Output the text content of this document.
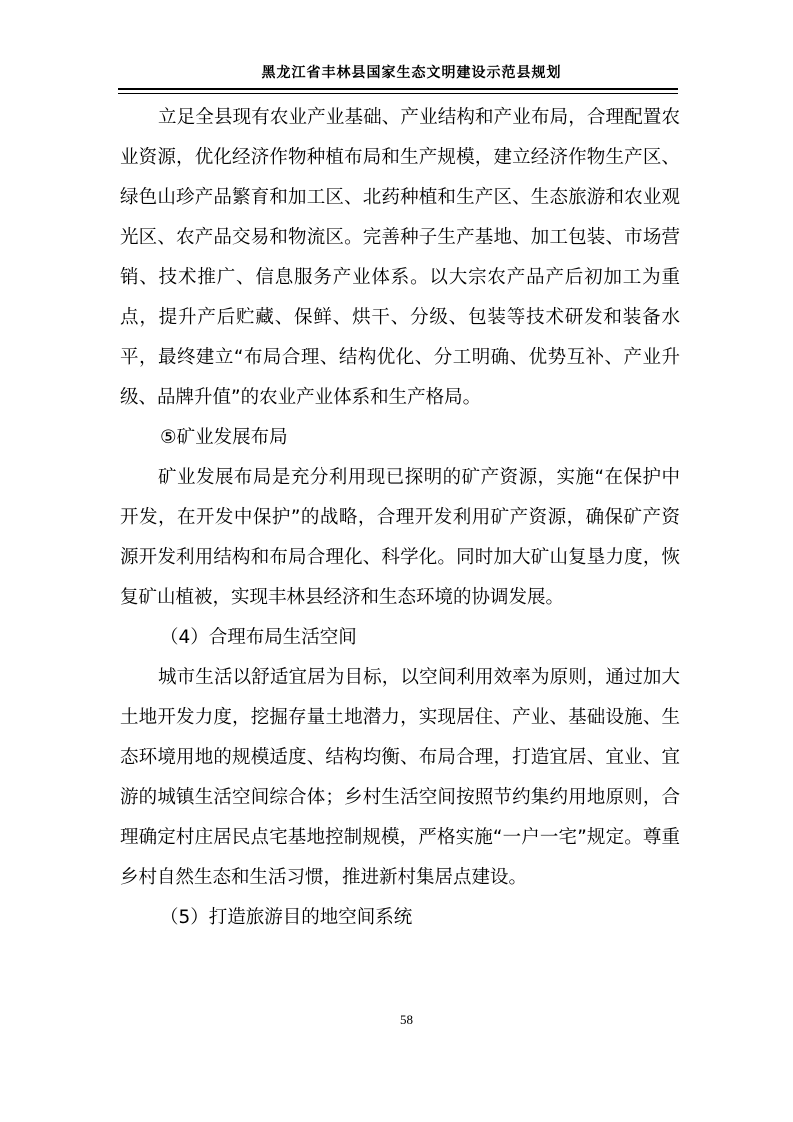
黑龙江省丰林县国家生态文明建设示范县规划

立足全县现有农业产业基础、产业结构和产业布局，合理配置农业资源，优化经济作物种植布局和生产规模，建立经济作物生产区、绿色山珍产品繁育和加工区、北药种植和生产区、生态旅游和农业观光区、农产品交易和物流区。完善种子生产基地、加工包装、市场营销、技术推广、信息服务产业体系。以大宗农产品产后初加工为重点，提升产后贮藏、保鲜、烘干、分级、包装等技术研发和装备水平，最终建立“布局合理、结构优化、分工明确、优势互补、产业升级、品牌升值”的农业产业体系和生产格局。

⑤矿业发展布局

矿业发展布局是充分利用现已探明的矿产资源，实施“在保护中开发，在开发中保护”的战略，合理开发利用矿产资源，确保矿产资源开发利用结构和布局合理化、科学化。同时加大矿山复垦力度，恢复矿山植被，实现丰林县经济和生态环境的协调发展。

（4）合理布局生活空间

城市生活以舒适宜居为目标，以空间利用效率为原则，通过加大土地开发力度，挖掘存量土地潜力，实现居住、产业、基础设施、生态环境用地的规模适度、结构均衡、布局合理，打造宜居、宜业、宜游的城镇生活空间综合体；乡村生活空间按照节约集约用地原则，合理确定村庄居民点宅基地控制规模，严格实施“一户一宅”规定。尊重乡村自然生态和生活习惯，推进新村集居点建设。

（5）打造旅游目的地空间系统

58
